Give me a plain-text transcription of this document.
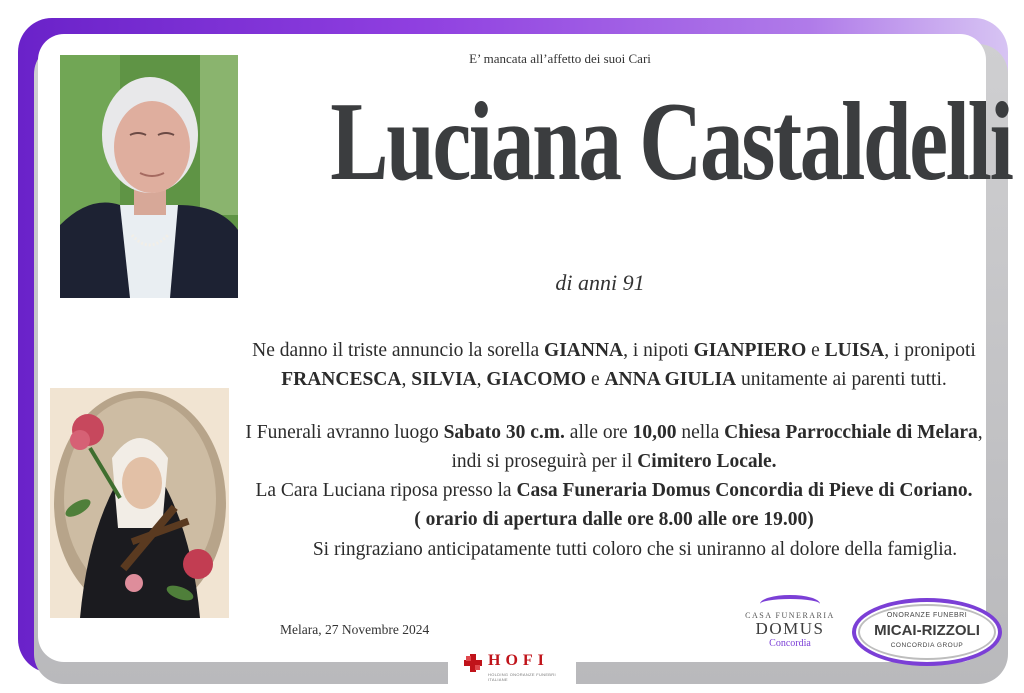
E’ mancata all’affetto dei suoi Cari
Luciana Castaldelli
di anni 91
Ne danno il triste annuncio la sorella GIANNA, i nipoti GIANPIERO e LUISA, i pronipoti
FRANCESCA, SILVIA, GIACOMO e ANNA GIULIA unitamente ai parenti tutti.
I Funerali avranno luogo Sabato 30 c.m. alle ore 10,00 nella Chiesa Parrocchiale di Melara,
indi si proseguirà per il Cimitero Locale.
La Cara Luciana riposa presso la Casa Funeraria Domus Concordia di Pieve di Coriano.
( orario di apertura dalle ore 8.00 alle ore 19.00)
Si ringraziano anticipatamente tutti coloro che si uniranno al dolore della famiglia.
Melara, 27 Novembre 2024
CASA FUNERARIA
DOMUS
Concordia
ONORANZE FUNEBRI
MICAI-RIZZOLI
CONCORDIA GROUP
HOFI
HOLDING ONORANZE FUNEBRI ITALIANE
